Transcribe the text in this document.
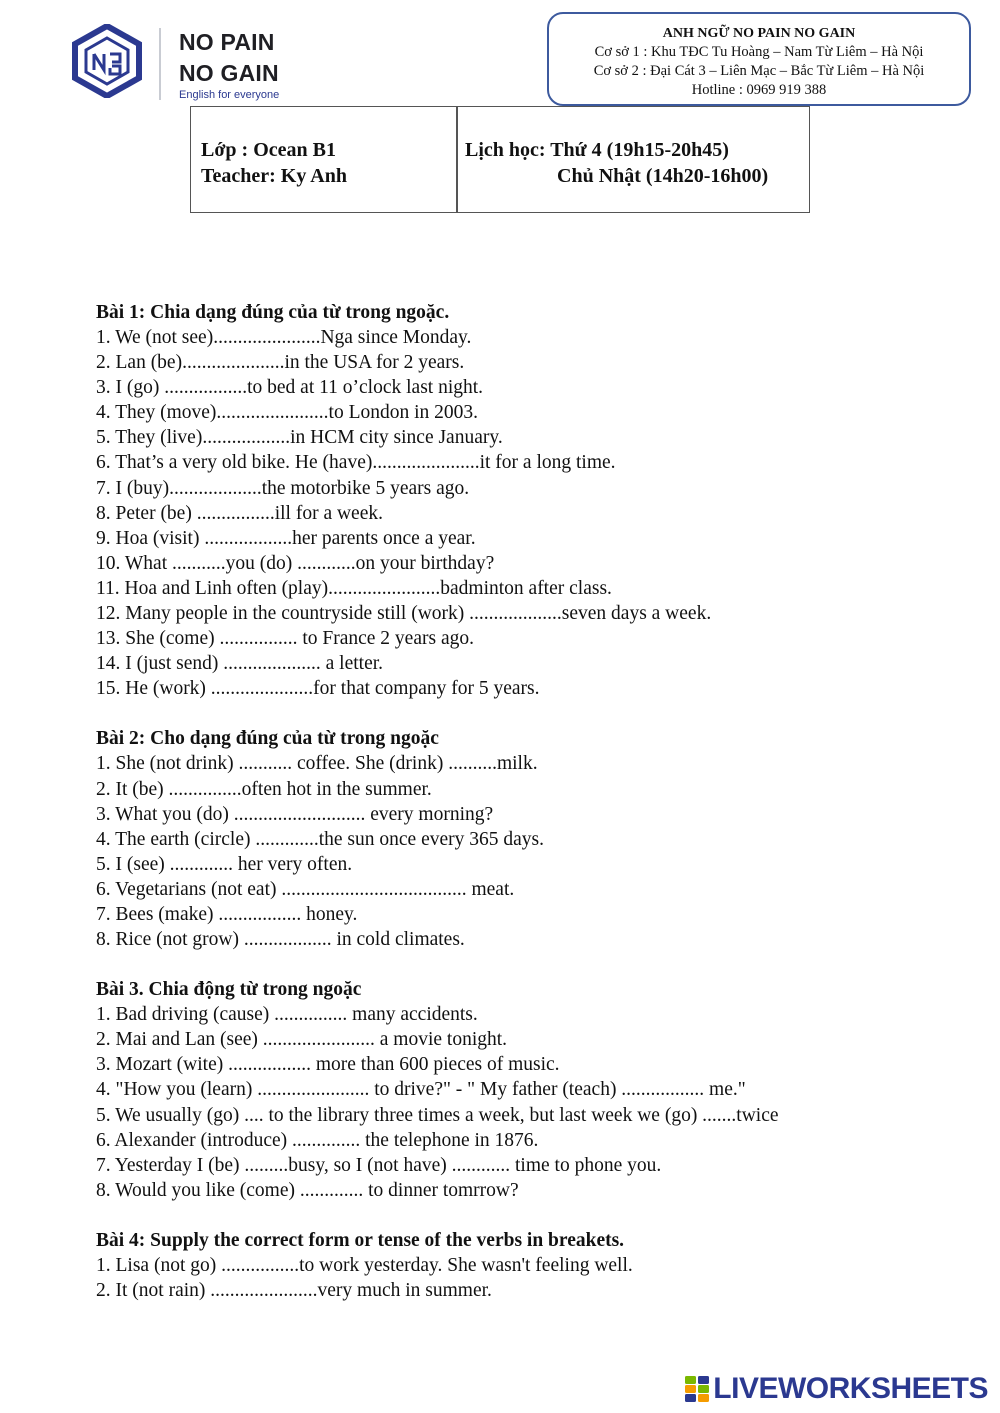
NO PAIN
NO GAIN
English for everyone
ANH NGỮ NO PAIN NO GAIN
Cơ sở 1 : Khu TĐC Tu Hoàng – Nam Từ Liêm – Hà Nội
Cơ sở 2 : Đại Cát 3 – Liên Mạc – Bắc Từ Liêm – Hà Nội
Hotline : 0969 919 388
Lớp : Ocean B1
Teacher: Ky Anh
Lịch học: Thứ 4 (19h15-20h45)
Chủ Nhật (14h20-16h00)
Bài 1: Chia dạng đúng của từ trong ngoặc.
1. We (not see)......................Nga since Monday.
2. Lan (be).....................in the USA for 2 years.
3. I (go) .................to bed at 11 o’clock last night.
4. They (move).......................to London in 2003.
5. They (live)..................in HCM city since January.
6. That’s a very old bike. He (have)......................it for a long time.
7. I (buy)...................the motorbike 5 years ago.
8. Peter (be) ................ill for a week.
9. Hoa (visit) ..................her parents once a year.
10. What ...........you (do) ............on your birthday?
11. Hoa and Linh often (play).......................badminton after class.
12. Many people in the countryside still (work) ...................seven days a week.
13. She (come) ................ to France 2 years ago.
14. I (just send) .................... a letter.
15. He (work) .....................for that company for 5 years.
Bài 2: Cho dạng đúng của từ trong ngoặc
1. She (not drink) ........... coffee. She (drink) ..........milk.
2. It (be) ...............often hot in the summer.
3. What you (do) ........................... every morning?
4. The earth (circle) .............the sun once every 365 days.
5. I (see) ............. her very often.
6. Vegetarians (not eat) ...................................... meat.
7. Bees (make) ................. honey.
8. Rice (not grow) .................. in cold climates.
Bài 3. Chia động từ trong ngoặc
1. Bad driving (cause) ............... many accidents.
2. Mai and Lan (see) ....................... a movie tonight.
3. Mozart (wite) ................. more than 600 pieces of music.
4. "How you (learn) ....................... to drive?" - " My father (teach) ................. me."
5. We usually (go) .... to the library three times a week, but last week we (go) .......twice
6. Alexander (introduce) .............. the telephone in 1876.
7. Yesterday I (be) .........busy, so I (not have) ............ time to phone you.
8. Would you like (come) ............. to dinner tomrrow?
Bài 4: Supply the correct form or tense of the verbs in breakets.
1. Lisa (not go) ................to work yesterday. She wasn't feeling well.
2. It (not rain) ......................very much in summer.
LIVEWORKSHEETS
